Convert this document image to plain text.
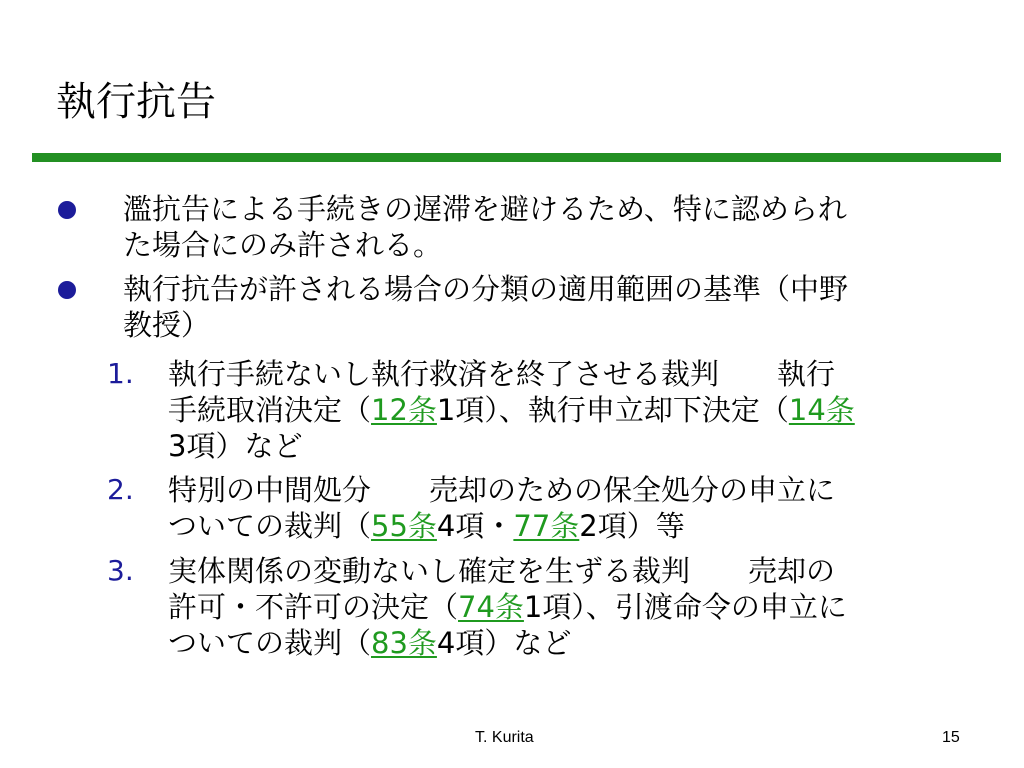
執行抗告
濫抗告による手続きの遅滞を避けるため、特に認められ
た場合にのみ許される。
執行抗告が許される場合の分類の適用範囲の基準（中野
教授）
1. 執行手続ないし執行救済を終了させる裁判　　執行
手続取消決定（12条1項）、執行申立却下決定（14条
3項）など
2. 特別の中間処分　　売却のための保全処分の申立に
ついての裁判（55条4項・77条2項）等
3. 実体関係の変動ないし確定を生ずる裁判　　売却の
許可・不許可の決定（74条1項）、引渡命令の申立に
ついての裁判（83条4項）など
T. Kurita	15
